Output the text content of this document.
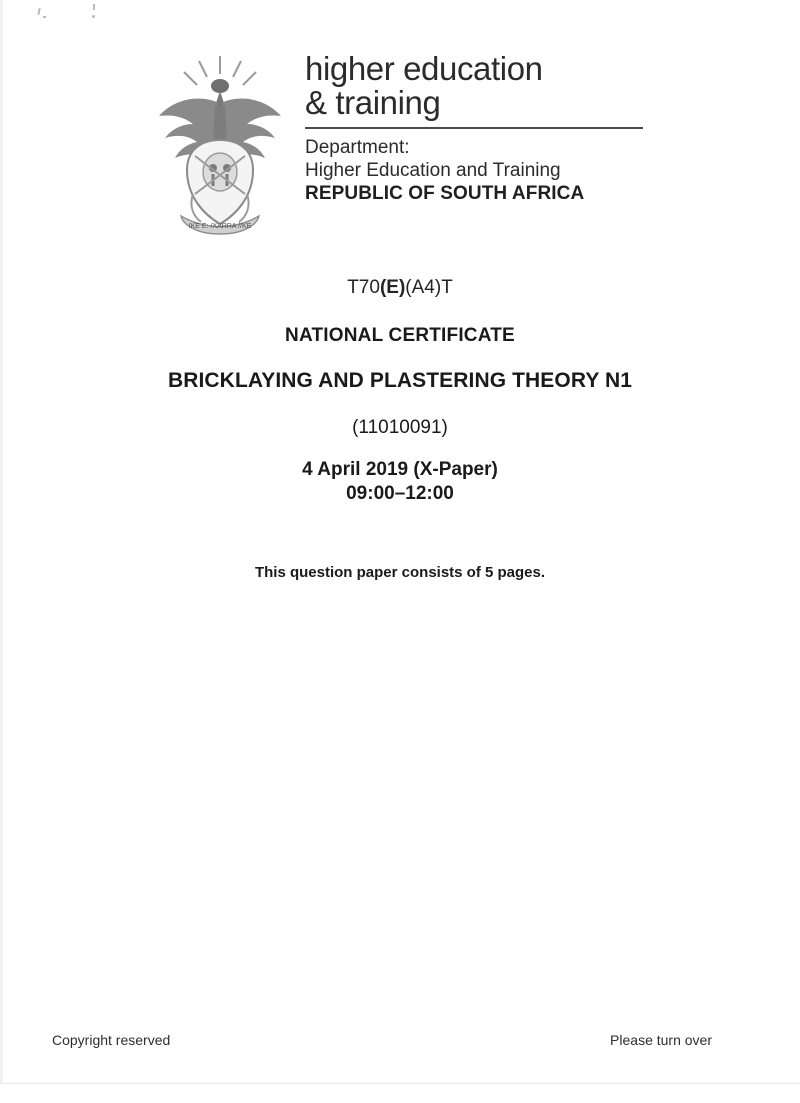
!KE E: /XARRA //KE
higher education
& training
Department:
Higher Education and Training
REPUBLIC OF SOUTH AFRICA
T70(E)(A4)T
NATIONAL CERTIFICATE
BRICKLAYING AND PLASTERING THEORY N1
(11010091)
4 April 2019 (X-Paper)
09:00–12:00
This question paper consists of 5 pages.
Copyright reserved	Please turn over
